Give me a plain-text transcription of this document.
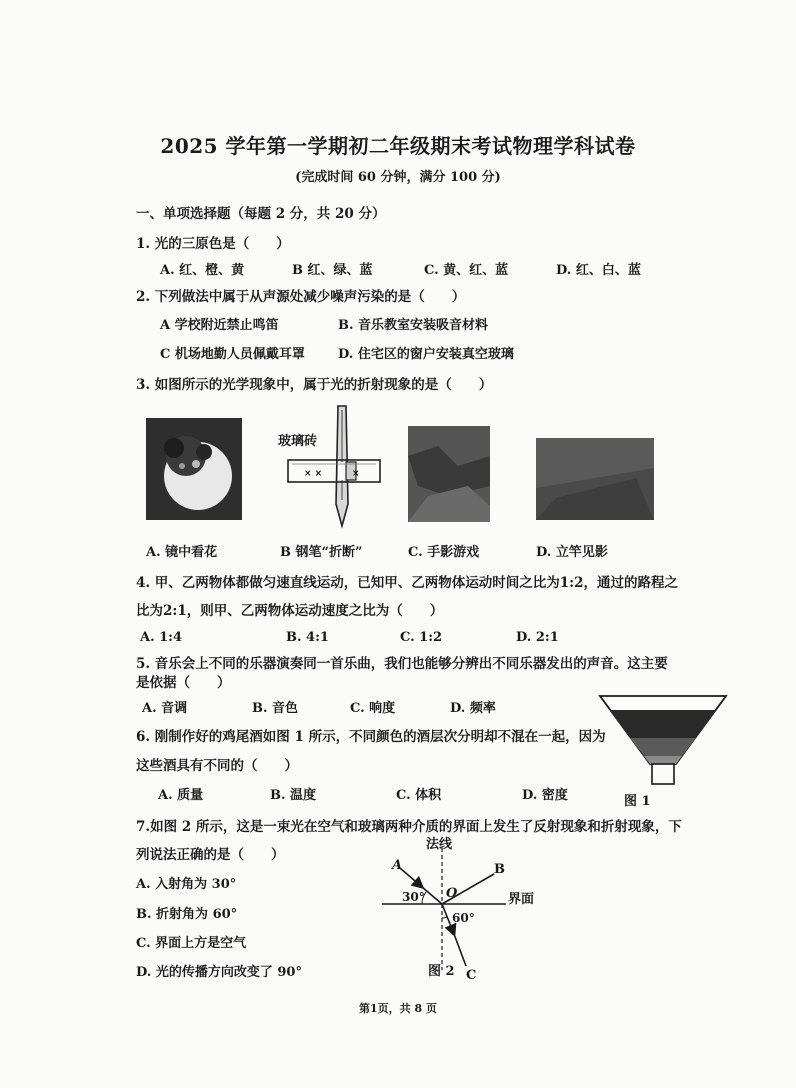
2025 学年第一学期初二年级期末考试物理学科试卷
(完成时间 60 分钟，满分 100 分)
一、单项选择题（每题 2 分，共 20 分）
1. 光的三原色是（　　）
A. 红、橙、黄	B 红、绿、蓝	C. 黄、红、蓝	D. 红、白、蓝
2. 下列做法中属于从声源处减少噪声污染的是（　　）
A 学校附近禁止鸣笛	B. 音乐教室安装吸音材料
C 机场地勤人员佩戴耳罩	D. 住宅区的窗户安装真空玻璃
3. 如图所示的光学现象中，属于光的折射现象的是（　　）
× ×	×
玻璃砖
A. 镜中看花	B 钢笔“折断”	C. 手影游戏	D. 立竿见影
4. 甲、乙两物体都做匀速直线运动，已知甲、乙两物体运动时间之比为1:2，通过的路程之
比为2:1，则甲、乙两物体运动速度之比为（　　）
A. 1:4	B. 4:1	C. 1:2	D. 2:1
5. 音乐会上不同的乐器演奏同一首乐曲，我们也能够分辨出不同乐器发出的声音。这主要
是依据（　　）
A. 音调	B. 音色	C. 响度	D. 频率
图 1
6. 刚制作好的鸡尾酒如图 1 所示，不同颜色的酒层次分明却不混在一起，因为
这些酒具有不同的（　　）
A. 质量	B. 温度	C. 体积	D. 密度
7.如图 2 所示，这是一束光在空气和玻璃两种介质的界面上发生了反射现象和折射现象，下
列说法正确的是（　　）
A. 入射角为 30°
B. 折射角为 60°
C. 界面上方是空气
D. 光的传播方向改变了 90°
法线
A	B
O	界面
30°
60°
图 2 C
第1页，共 8 页
